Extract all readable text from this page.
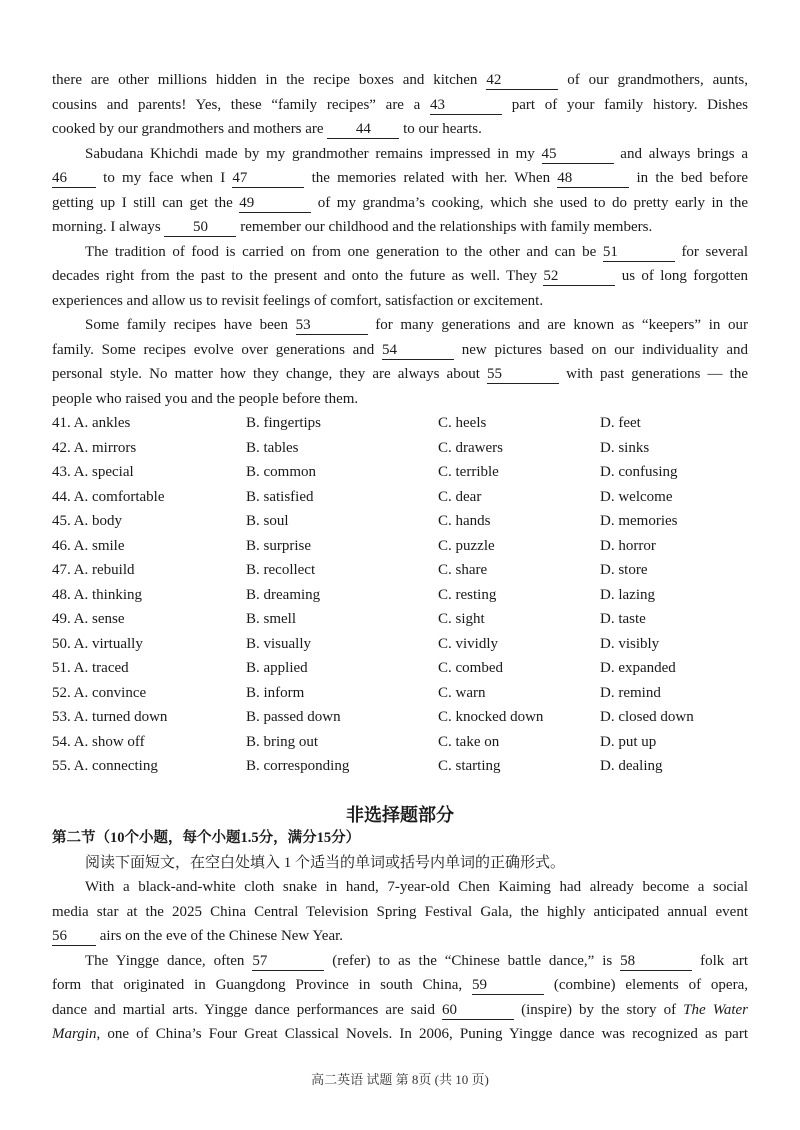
there are other millions hidden in the recipe boxes and kitchen 42	of our grandmothers, aunts,
cousins and parents! Yes, these “family recipes” are a 43	part of your family history. Dishes
cooked by our grandmothers and mothers are 44 to our hearts.
Sabudana Khichdi made by my grandmother remains impressed in my 45	and always brings a
46 to my face when I 47	the memories related with her. When 48	in the bed before
getting up I still can get the 49	of my grandma’s cooking, which she used to do pretty early in the
morning. I always 50 remember our childhood and the relationships with family members.
The tradition of food is carried on from one generation to the other and can be 51	for several
decades right from the past to the present and onto the future as well. They 52	us of long forgotten
experiences and allow us to revisit feelings of comfort, satisfaction or excitement.
Some family recipes have been 53	for many generations and are known as “keepers” in our
family. Some recipes evolve over generations and 54	new pictures based on our individuality and
personal style. No matter how they change, they are always about 55	with past generations — the
people who raised you and the people before them.
41. A. ankles	B. fingertips	C. heels	D. feet
42. A. mirrors	B. tables	C. drawers	D. sinks
43. A. special	B. common	C. terrible	D. confusing
44. A. comfortable	B. satisfied	C. dear	D. welcome
45. A. body	B. soul	C. hands	D. memories
46. A. smile	B. surprise	C. puzzle	D. horror
47. A. rebuild	B. recollect	C. share	D. store
48. A. thinking	B. dreaming	C. resting	D. lazing
49. A. sense	B. smell	C. sight	D. taste
50. A. virtually	B. visually	C. vividly	D. visibly
51. A. traced	B. applied	C. combed	D. expanded
52. A. convince	B. inform	C. warn	D. remind
53. A. turned down	B. passed down	C. knocked down	D. closed down
54. A. show off	B. bring out	C. take on	D. put up
55. A. connecting	B. corresponding	C. starting	D. dealing
非选择题部分
第二节（10个小题，每个小题1.5分，满分15分）
阅读下面短文，在空白处填入 1 个适当的单词或括号内单词的正确形式。
With a black-and-white cloth snake in hand, 7-year-old Chen Kaiming had already become a social
media star at the 2025 China Central Television Spring Festival Gala, the highly anticipated annual event
56 airs on the eve of the Chinese New Year.
The Yingge dance, often 57	(refer) to as the “Chinese battle dance,” is 58	folk art
form that originated in Guangdong Province in south China, 59	(combine) elements of opera,
dance and martial arts. Yingge dance performances are said 60	(inspire) by the story of The Water
Margin, one of China’s Four Great Classical Novels. In 2006, Puning Yingge dance was recognized as part
高二英语 试题 第 8页 (共 10 页)
